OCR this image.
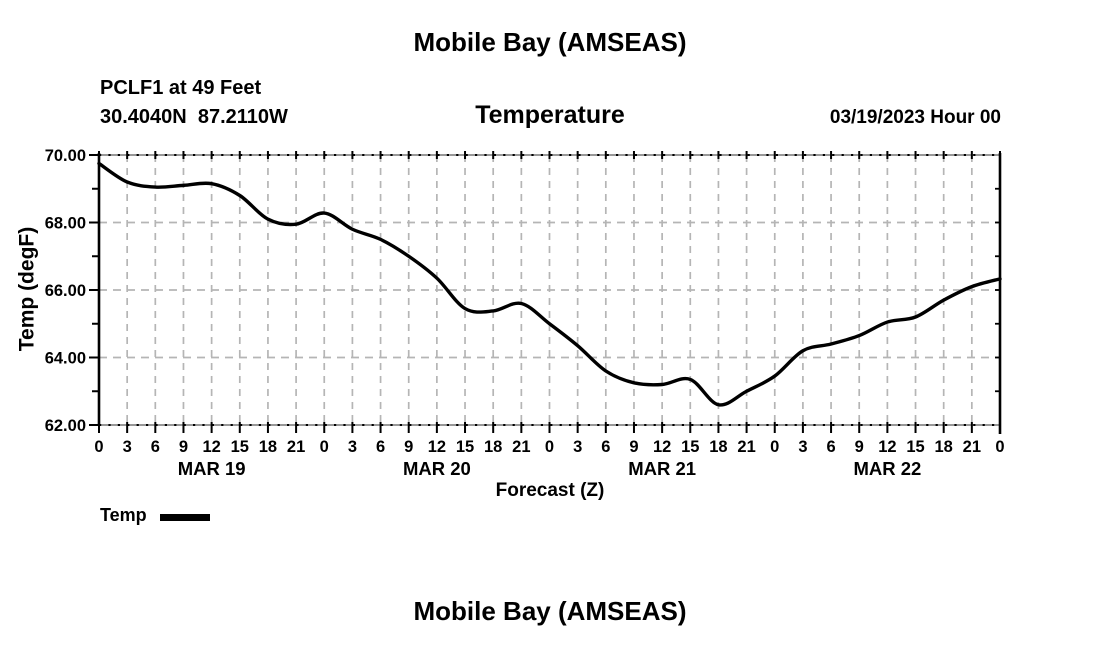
Mobile Bay (AMSEAS)
PCLF1 at 49 Feet
30.4040N  87.2110W	Temperature	03/19/2023 Hour 00
Temp (degF)
62.00
64.00
66.00
68.00
70.00
0 3 6 9 12 15 18 21 0 3 6 9 12 15 18 21 0 3 6 9 12 15 18 21 0 3 6 9 12 15 18 21 0
MAR 19	MAR 20	MAR 21	MAR 22
Forecast (Z)
Temp
Mobile Bay (AMSEAS)
